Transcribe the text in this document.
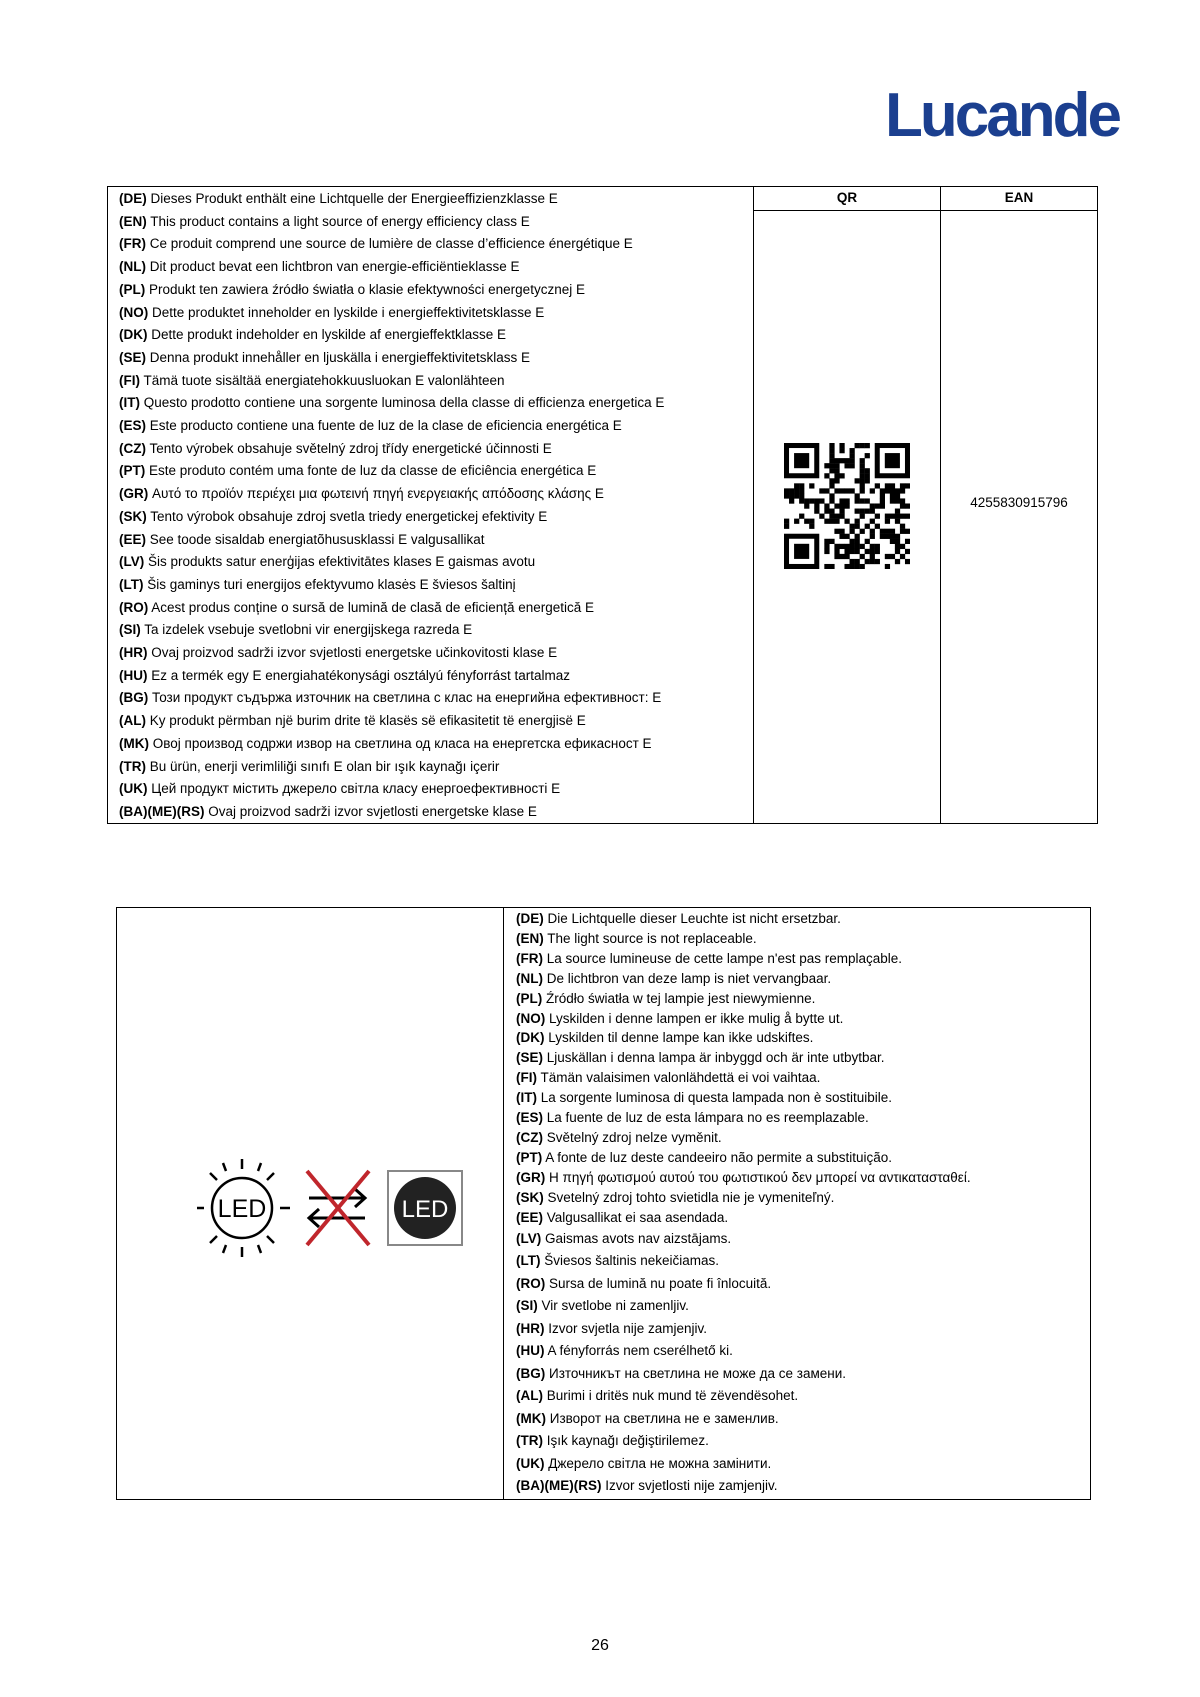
Lucande
(DE) Dieses Produkt enthält eine Lichtquelle der Energieeffizienzklasse E
(EN) This product contains a light source of energy efficiency class E
(FR) Ce produit comprend une source de lumière de classe d’efficience énergétique E
(NL) Dit product bevat een lichtbron van energie-efficiëntieklasse E
(PL) Produkt ten zawiera źródło światła o klasie efektywności energetycznej E
(NO) Dette produktet inneholder en lyskilde i energieffektivitetsklasse E
(DK) Dette produkt indeholder en lyskilde af energieffektklasse E
(SE) Denna produkt innehåller en ljuskälla i energieffektivitetsklass E
(FI) Tämä tuote sisältää energiatehokkuusluokan E valonlähteen
(IT) Questo prodotto contiene una sorgente luminosa della classe di efficienza energetica E
(ES) Este producto contiene una fuente de luz de la clase de eficiencia energética E
(CZ) Tento výrobek obsahuje světelný zdroj třídy energetické účinnosti E
(PT) Este produto contém uma fonte de luz da classe de eficiência energética E
(GR) Αυτό το προϊόν περιέχει μια φωτεινή πηγή ενεργειακής απόδοσης κλάσης E
(SK) Tento výrobok obsahuje zdroj svetla triedy energetickej efektivity E
(EE) See toode sisaldab energiatõhususklassi E valgusallikat
(LV) Šis produkts satur enerģijas efektivitātes klases E gaismas avotu
(LT) Šis gaminys turi energijos efektyvumo klasės E šviesos šaltinį
(RO) Acest produs conține o sursă de lumină de clasă de eficiență energetică E
(SI) Ta izdelek vsebuje svetlobni vir energijskega razreda E
(HR) Ovaj proizvod sadrži izvor svjetlosti energetske učinkovitosti klase E
(HU) Ez a termék egy E energiahatékonysági osztályú fényforrást tartalmaz
(BG) Този продукт съдържа източник на светлина с клас на енергийна ефективност: E
(AL) Ky produkt përmban një burim drite të klasës së efikasitetit të energjisë E
(MK) Овој производ содржи извор на светлина од класа на енергетска ефикасност E
(TR) Bu ürün, enerji verimliliği sınıfı E olan bir ışık kaynağı içerir
(UK) Цей продукт містить джерело світла класу енергоефективності E
(BA)(ME)(RS) Ovaj proizvod sadrži izvor svjetlosti energetske klase E
QR	EAN
4255830915796
LED	LED
(DE) Die Lichtquelle dieser Leuchte ist nicht ersetzbar.
(EN) The light source is not replaceable.
(FR) La source lumineuse de cette lampe n'est pas remplaçable.
(NL) De lichtbron van deze lamp is niet vervangbaar.
(PL) Źródło światła w tej lampie jest niewymienne.
(NO) Lyskilden i denne lampen er ikke mulig å bytte ut.
(DK) Lyskilden til denne lampe kan ikke udskiftes.
(SE) Ljuskällan i denna lampa är inbyggd och är inte utbytbar.
(FI) Tämän valaisimen valonlähdettä ei voi vaihtaa.
(IT) La sorgente luminosa di questa lampada non è sostituibile.
(ES) La fuente de luz de esta lámpara no es reemplazable.
(CZ) Světelný zdroj nelze vyměnit.
(PT) A fonte de luz deste candeeiro não permite a substituição.
(GR) Η πηγή φωτισμού αυτού του φωτιστικού δεν μπορεί να αντικατασταθεί.
(SK) Svetelný zdroj tohto svietidla nie je vymeniteľný.
(EE) Valgusallikat ei saa asendada.
(LV) Gaismas avots nav aizstājams.
(LT) Šviesos šaltinis nekeičiamas.
(RO) Sursa de lumină nu poate fi înlocuită.
(SI) Vir svetlobe ni zamenljiv.
(HR) Izvor svjetla nije zamjenjiv.
(HU) A fényforrás nem cserélhető ki.
(BG) Източникът на светлина не може да се замени.
(AL) Burimi i dritës nuk mund të zëvendësohet.
(MK) Изворот на светлина не е заменлив.
(TR) Işık kaynağı değiştirilemez.
(UK) Джерело світла не можна замінити.
(BA)(ME)(RS) Izvor svjetlosti nije zamjenjiv.
26
